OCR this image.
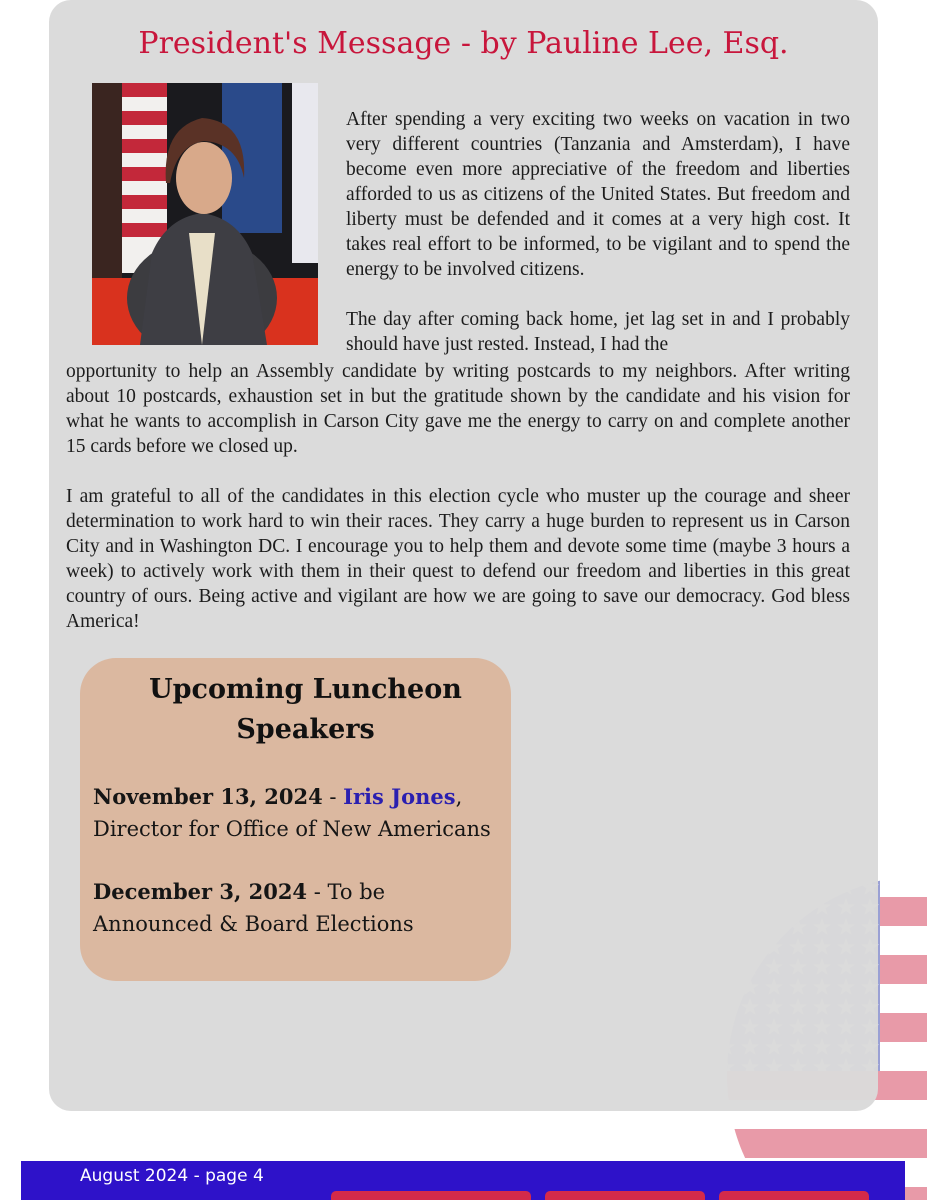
President's Message - by Pauline Lee, Esq.

After spending a very exciting two weeks on vacation in two very different countries (Tanzania and Amsterdam), I have become even more appreciative of the freedom and liberties afforded to us as citizens of the United States. But freedom and liberty must be defended and it comes at a very high cost. It takes real effort to be informed, to be vigilant and to spend the energy to be involved citizens.

The day after coming back home, jet lag set in and I probably should have just rested. Instead, I had the

opportunity to help an Assembly candidate by writing postcards to my neighbors. After writing about 10 postcards, exhaustion set in but the gratitude shown by the candidate and his vision for what he wants to accomplish in Carson City gave me the energy to carry on and complete another 15 cards before we closed up.

I am grateful to all of the candidates in this election cycle who muster up the courage and sheer determination to work hard to win their races. They carry a huge burden to represent us in Carson City and in Washington DC. I encourage you to help them and devote some time (maybe 3 hours a week) to actively work with them in their quest to defend our freedom and liberties in this great country of ours. Being active and vigilant are how we are going to save our democracy. God bless America!

Upcoming Luncheon Speakers
November 13, 2024 - Iris Jones,
Director for Office of New Americans
December 3, 2024 - To be Announced & Board Elections
August 2024 - page 4
